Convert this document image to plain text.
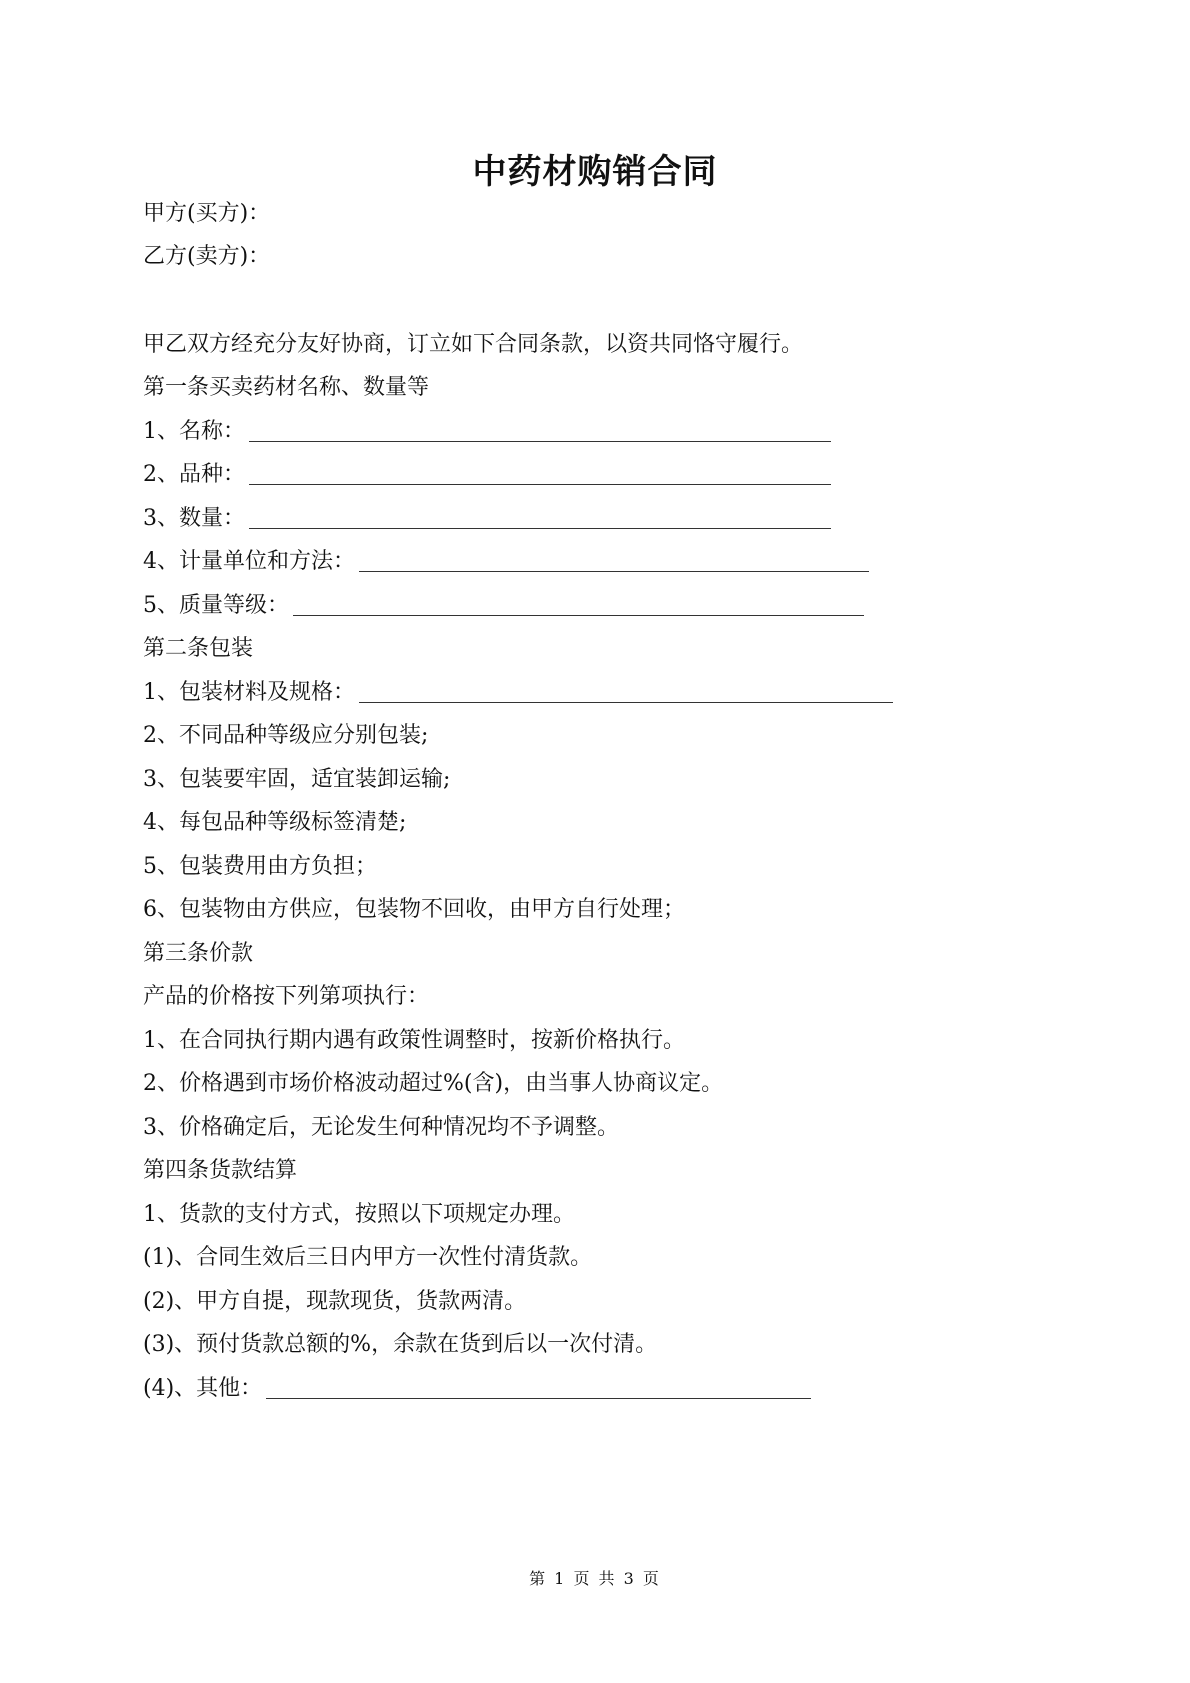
中药材购销合同
甲方(买方)：
乙方(卖方)：
甲乙双方经充分友好协商，订立如下合同条款，以资共同恪守履行。
第一条买卖药材名称、数量等
1、名称：
2、品种：
3、数量：
4、计量单位和方法：
5、质量等级：
第二条包装
1、包装材料及规格：
2、不同品种等级应分别包装;
3、包装要牢固，适宜装卸运输;
4、每包品种等级标签清楚;
5、包装费用由方负担；
6、包装物由方供应，包装物不回收，由甲方自行处理；
第三条价款
产品的价格按下列第项执行：
1、在合同执行期内遇有政策性调整时，按新价格执行。
2、价格遇到市场价格波动超过%(含)，由当事人协商议定。
3、价格确定后，无论发生何种情况均不予调整。
第四条货款结算
1、货款的支付方式，按照以下项规定办理。
(1)、合同生效后三日内甲方一次性付清货款。
(2)、甲方自提，现款现货，货款两清。
(3)、预付货款总额的%，余款在货到后以一次付清。
(4)、其他：
第 1 页 共 3 页
